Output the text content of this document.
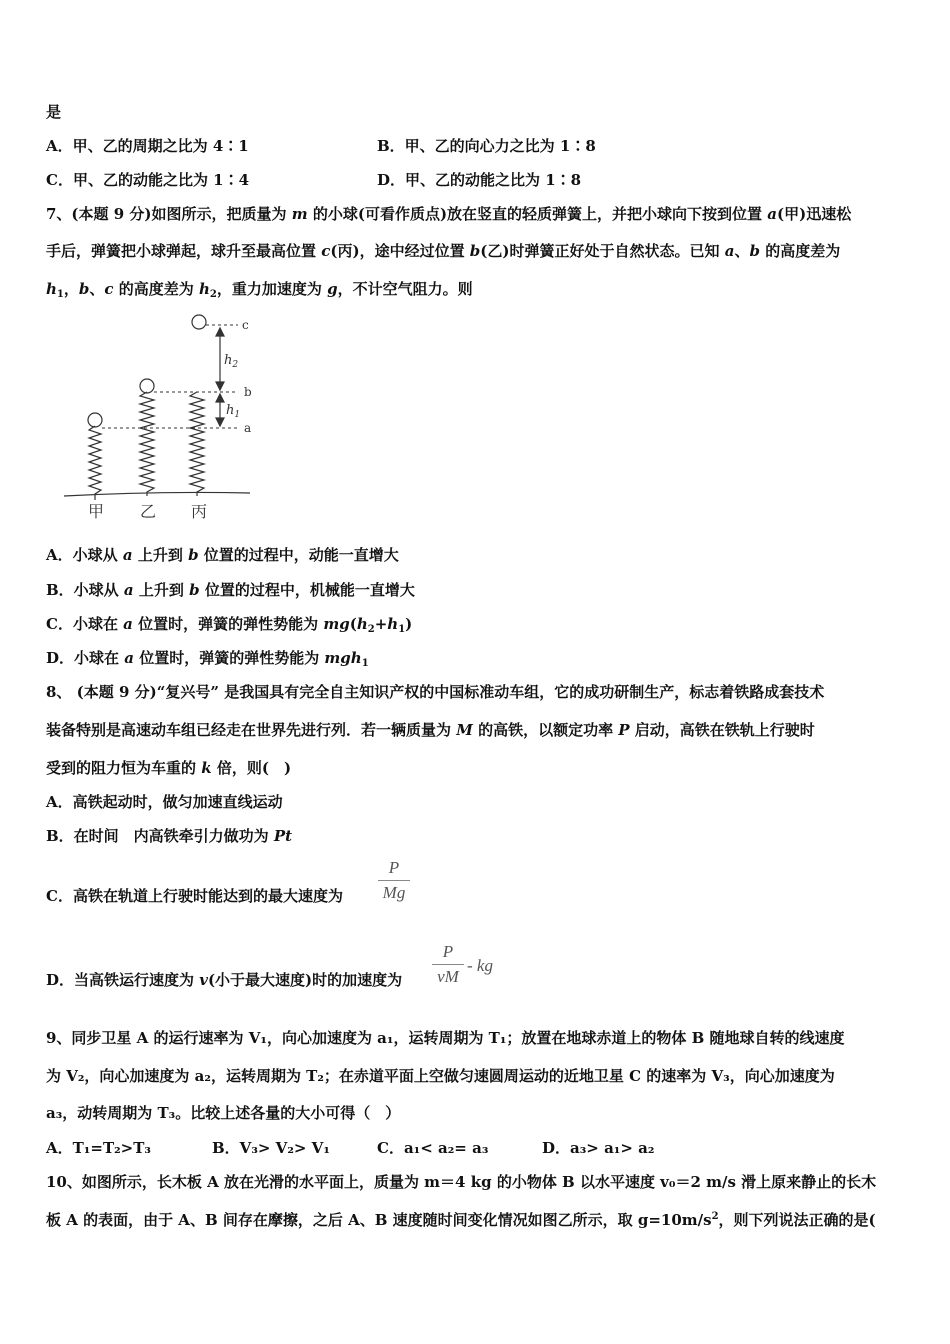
是
A．甲、乙的周期之比为 4∶1	B．甲、乙的向心力之比为 1∶8
C．甲、乙的动能之比为 1∶4	D．甲、乙的动能之比为 1∶8
7、(本题 9 分)如图所示，把质量为 m 的小球(可看作质点)放在竖直的轻质弹簧上，并把小球向下按到位置 a(甲)迅速松
手后，弹簧把小球弹起，球升至最高位置 c(丙)，途中经过位置 b(乙)时弹簧正好处于自然状态。已知 a、b 的高度差为
$h_1$，b、c 的高度差为 $h_2$，重力加速度为 g，不计空气阻力。则
c
b
a
$h_2$
$h_1$
甲 乙 丙
A．小球从 a 上升到 b 位置的过程中，动能一直增大
B．小球从 a 上升到 b 位置的过程中，机械能一直增大
C．小球在 a 位置时，弹簧的弹性势能为 $mg(h_2+h_1)$
D．小球在 a 位置时，弹簧的弹性势能为 mgh$_1$
8、 (本题 9 分)“复兴号” 是我国具有完全自主知识产权的中国标准动车组，它的成功研制生产，标志着铁路成套技术
装备特别是高速动车组已经走在世界先进行列．若一辆质量为 M 的高铁，以额定功率 P 启动，高铁在铁轨上行驶时
受到的阻力恒为车重的 k 倍，则(　)
A．高铁起动时，做匀加速直线运动
B．在时间　内高铁牵引力做功为 Pt
C．高铁在轨道上行驶时能达到的最大速度为
P
Mg
D．当高铁运行速度为 v(小于最大速度)时的加速度为
P
vM
- kg
9、同步卫星 A 的运行速率为 V₁，向心加速度为 a₁，运转周期为 T₁；放置在地球赤道上的物体 B 随地球自转的线速度
为 V₂，向心加速度为 a₂，运转周期为 T₂；在赤道平面上空做匀速圆周运动的近地卫星 C 的速率为 V₃，向心加速度为
a₃，动转周期为 T₃。比较上述各量的大小可得（　）
A．T₁=T₂>T₃	B．V₃> V₂> V₁	C．a₁< a₂= a₃	D．a₃> a₁> a₂
10、如图所示，长木板 A 放在光滑的水平面上，质量为 m＝4 kg 的小物体 B 以水平速度 v₀＝2 m/s 滑上原来静止的长木
板 A 的表面，由于 A、B 间存在摩擦，之后 A、B 速度随时间变化情况如图乙所示，取 $g=10m/s^2$，则下列说法正确的是(
